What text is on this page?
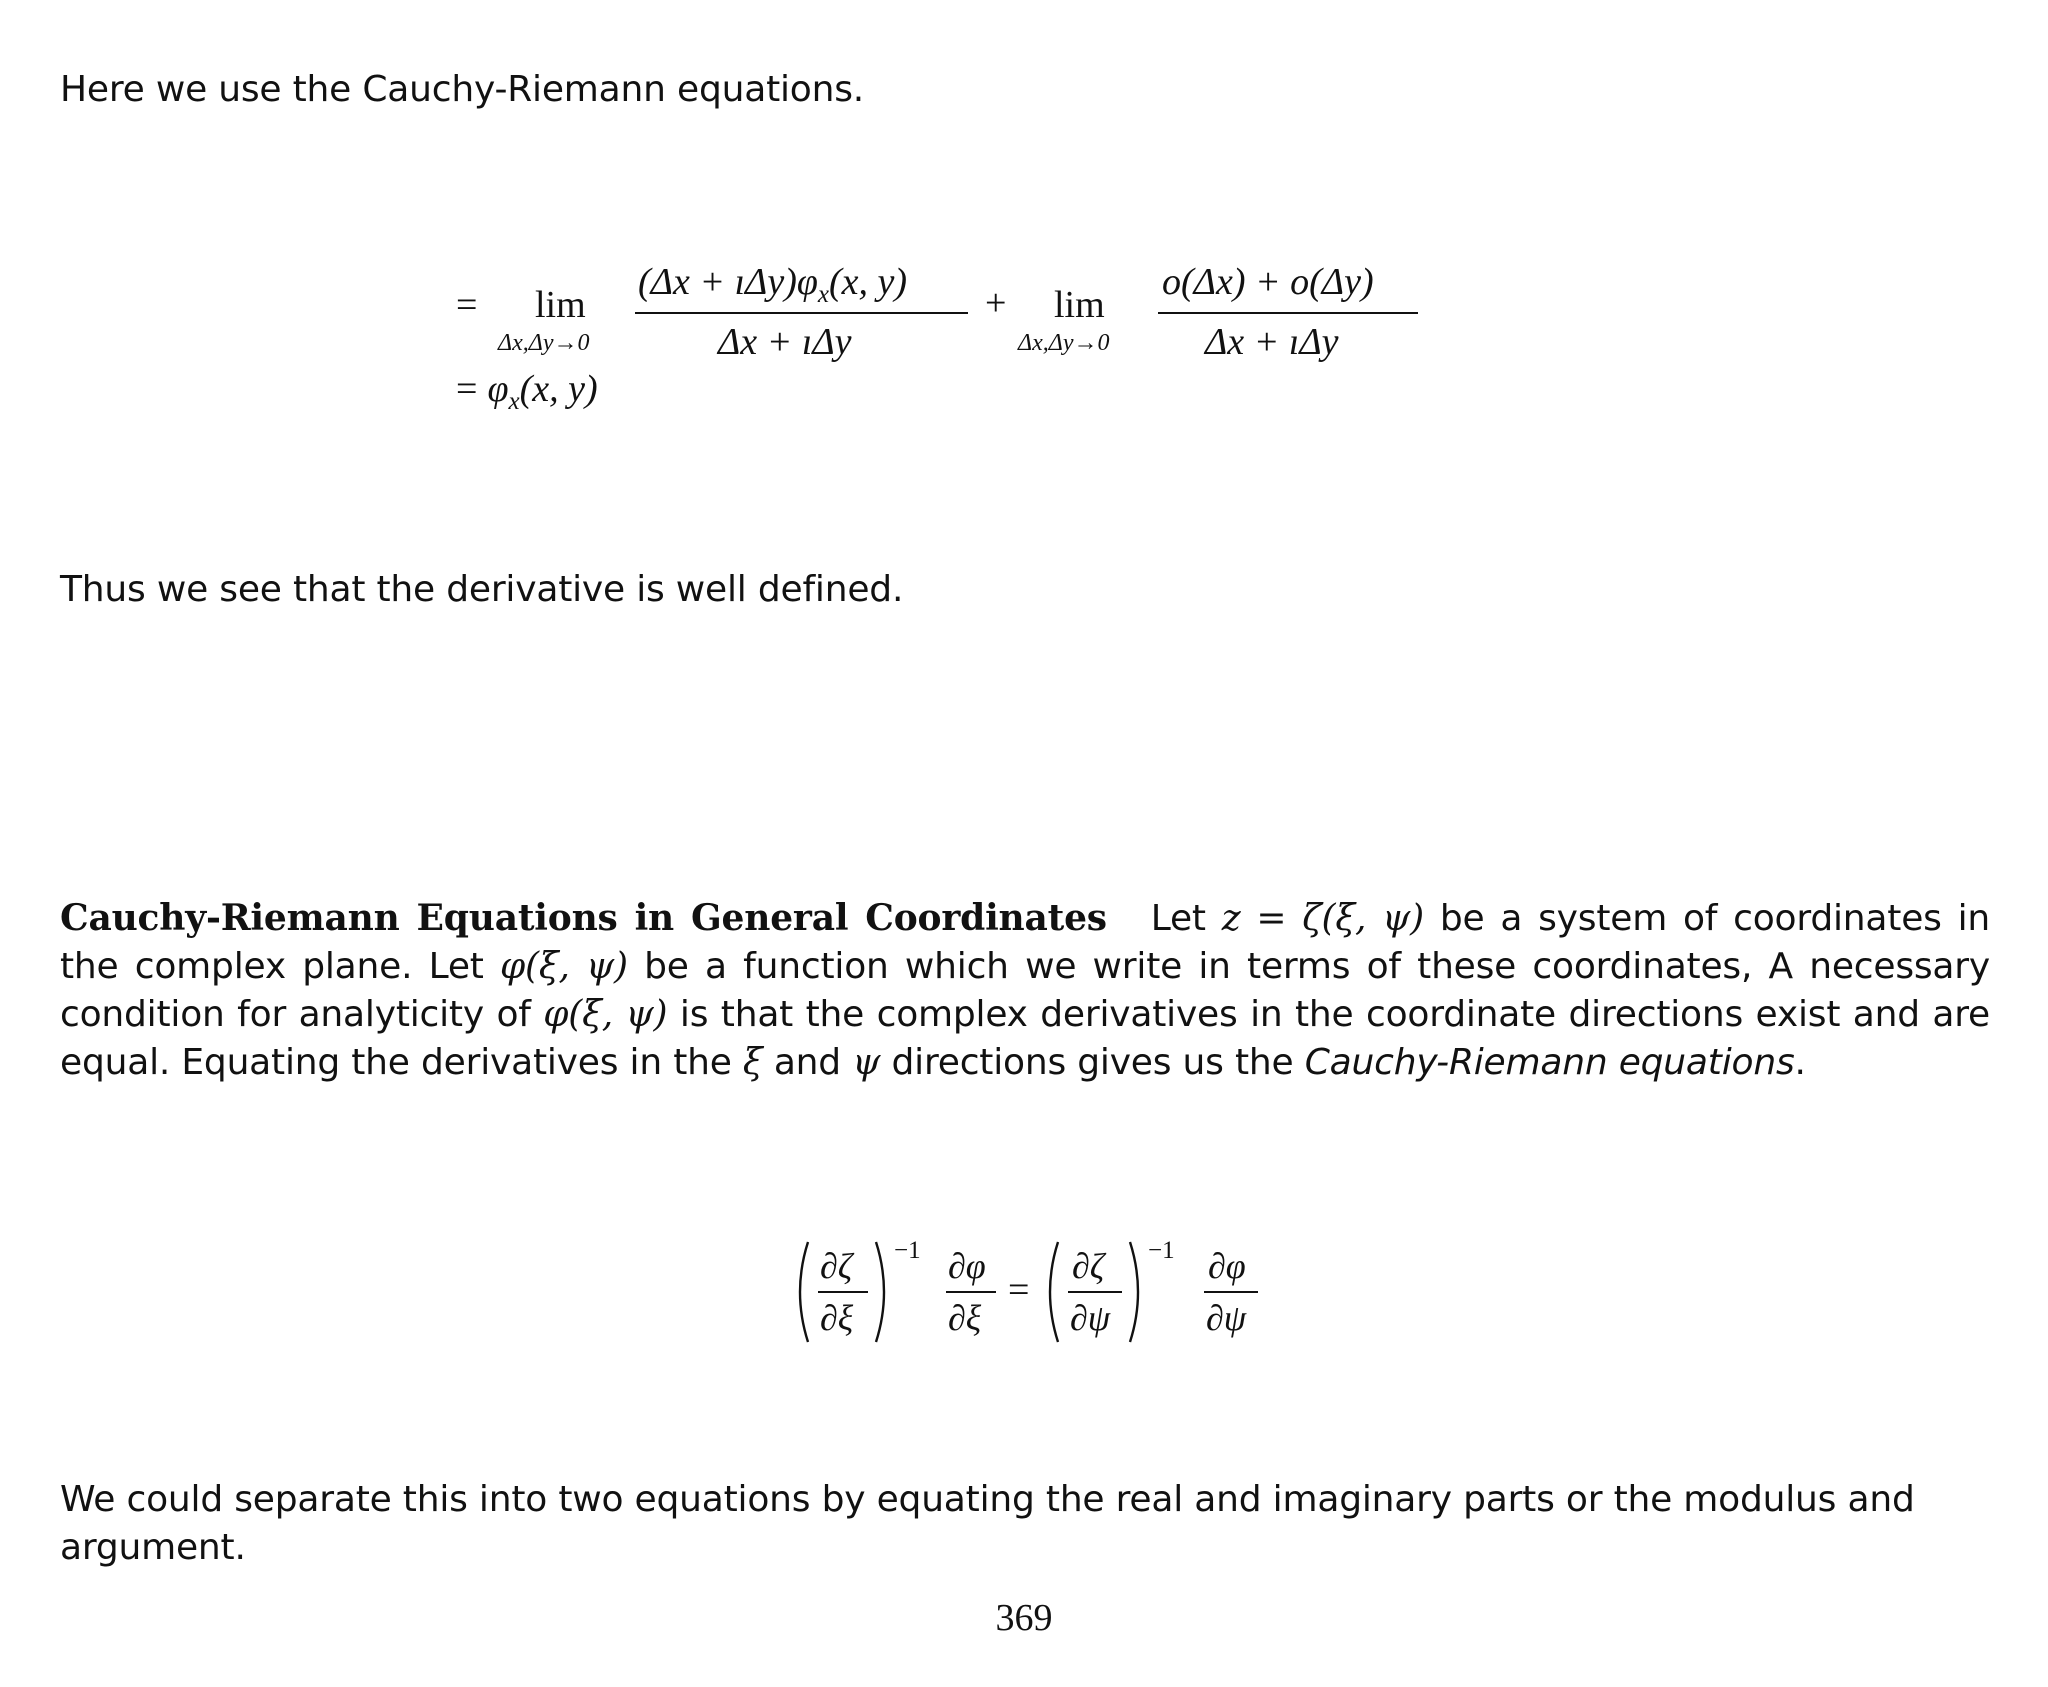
Here we use the Cauchy-Riemann equations.
= lim
Δx,Δy→0
$(\Delta x + ı\Delta y)\varphi_x(x$, y)
Δx + ıΔy
+ lim
Δx,Δy→0
o(Δx) + o(Δy)
Δx + ıΔy
= $\varphi_x(x$, y)
Thus we see that the derivative is well defined.
Cauchy-Riemann Equations in General Coordinates Let z = ζ(ξ, ψ) be a system of coordinates in the complex plane. Let φ(ξ, ψ) be a function which we write in terms of these coordinates, A necessary condition for analyticity of φ(ξ, ψ) is that the complex derivatives in the coordinate directions exist and are equal. Equating the derivatives in the ξ and ψ directions gives us the Cauchy-Riemann equations.
∂ζ
∂ξ
−1 ∂φ
∂ξ
=
∂ζ
∂ψ
−1 ∂φ
∂ψ
We could separate this into two equations by equating the real and imaginary parts or the modulus and argument.
369
